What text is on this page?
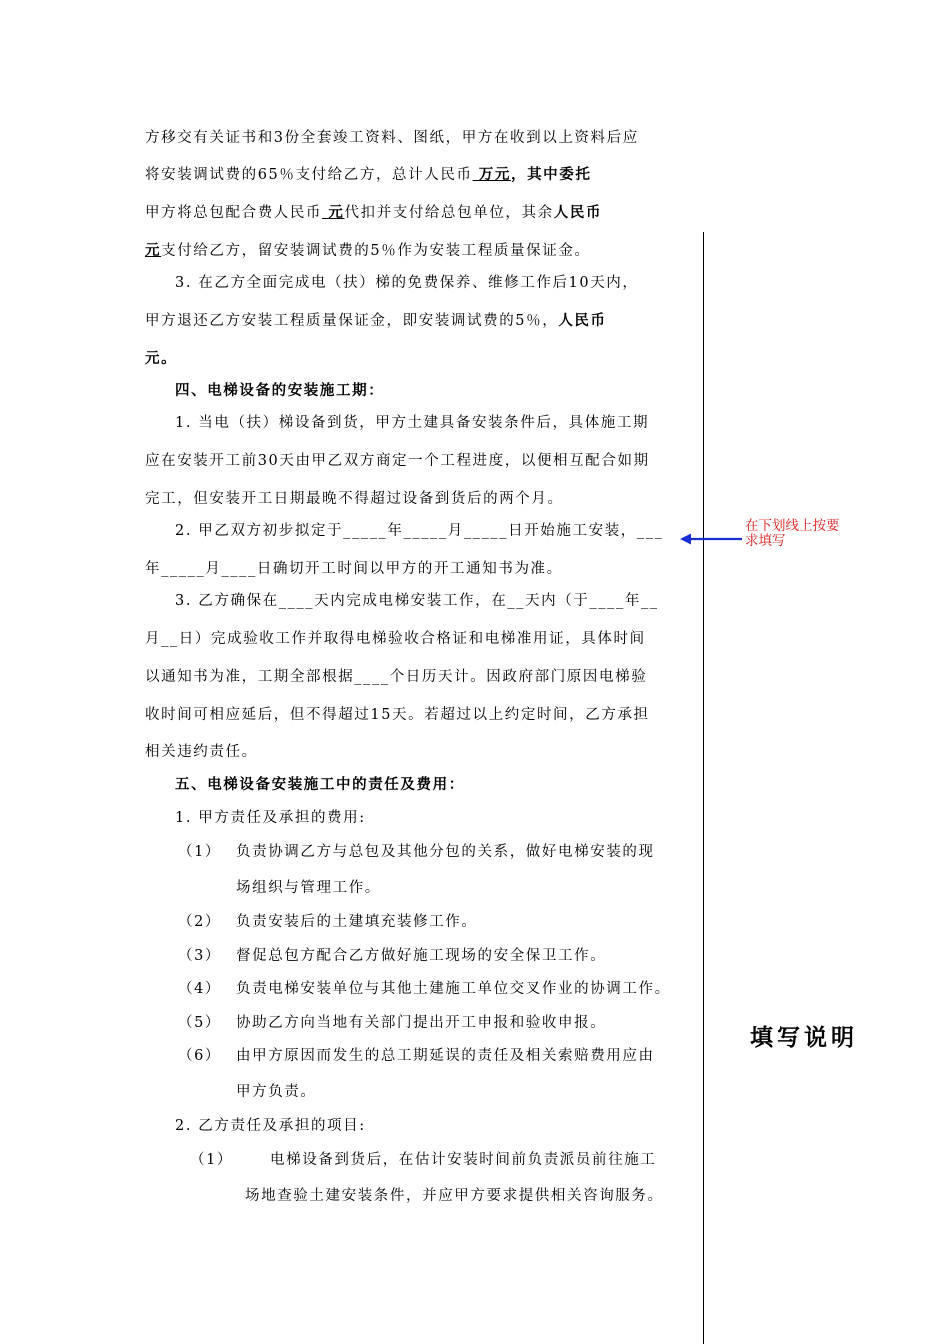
方移交有关证书和3份全套竣工资料、图纸，甲方在收到以上资料后应
将安装调试费的65％支付给乙方，总计人民币 万元，其中委托
甲方将总包配合费人民币 元代扣并支付给总包单位，其余人民币
元支付给乙方，留安装调试费的5％作为安装工程质量保证金。
3. 在乙方全面完成电（扶）梯的免费保养、维修工作后10天内，
甲方退还乙方安装工程质量保证金，即安装调试费的5％，人民币
元。
四、电梯设备的安装施工期：
1. 当电（扶）梯设备到货，甲方土建具备安装条件后，具体施工期
应在安装开工前30天由甲乙双方商定一个工程进度，以便相互配合如期
完工，但安装开工日期最晚不得超过设备到货后的两个月。
2. 甲乙双方初步拟定于_____年_____月_____日开始施工安装，___
年_____月____日确切开工时间以甲方的开工通知书为准。
3. 乙方确保在____天内完成电梯安装工作，在__天内（于____年__
月__日）完成验收工作并取得电梯验收合格证和电梯准用证，具体时间
以通知书为准，工期全部根据____个日历天计。因政府部门原因电梯验
收时间可相应延后，但不得超过15天。若超过以上约定时间，乙方承担
相关违约责任。
五、电梯设备安装施工中的责任及费用：
1. 甲方责任及承担的费用:
（1） 负责协调乙方与总包及其他分包的关系，做好电梯安装的现
场组织与管理工作。
（2） 负责安装后的土建填充装修工作。
（3） 督促总包方配合乙方做好施工现场的安全保卫工作。
（4） 负责电梯安装单位与其他土建施工单位交叉作业的协调工作。
（5） 协助乙方向当地有关部门提出开工申报和验收申报。
（6） 由甲方原因而发生的总工期延误的责任及相关索赔费用应由
甲方负责。
2. 乙方责任及承担的项目:
（1）	电梯设备到货后，在估计安装时间前负责派员前往施工
场地查验土建安装条件，并应甲方要求提供相关咨询服务。
在下划线上按要
求填写
填写说明
